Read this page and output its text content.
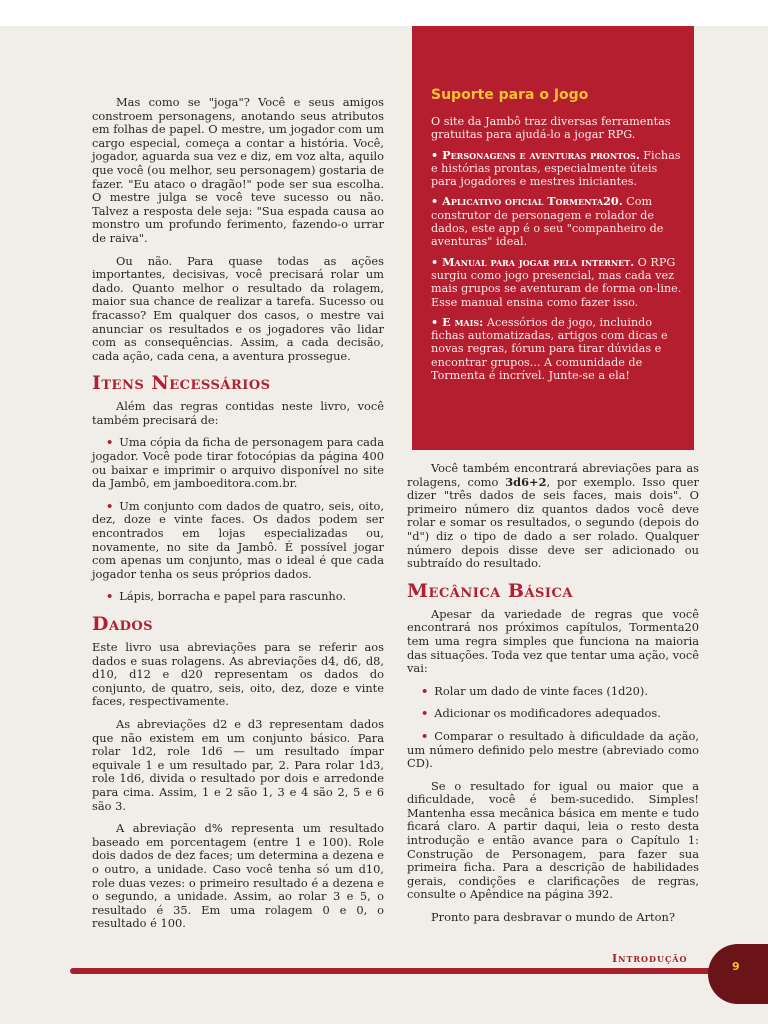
Suporte para o Jogo

O site da Jambô traz diversas ferramentas gratuitas para ajudá-lo a jogar RPG.

• Personagens e aventuras prontos. Fichas e histórias prontas, especialmente úteis para jogadores e mestres iniciantes.

• Aplicativo oficial Tormenta20. Com construtor de personagem e rolador de dados, este app é o seu "companheiro de aventuras" ideal.

• Manual para jogar pela internet. O RPG surgiu como jogo presencial, mas cada vez mais grupos se aventuram de forma on-line. Esse manual ensina como fazer isso.

• E mais: Acessórios de jogo, incluindo fichas automatizadas, artigos com dicas e novas regras, fórum para tirar dúvidas e encontrar grupos... A comunidade de Tormenta é incrível. Junte-se a ela!

Mas como se "joga"? Você e seus amigos constroem personagens, anotando seus atributos em folhas de papel. O mestre, um jogador com um cargo especial, começa a contar a história. Você, jogador, aguarda sua vez e diz, em voz alta, aquilo que você (ou melhor, seu personagem) gostaria de fazer. "Eu ataco o dragão!" pode ser sua escolha. O mestre julga se você teve sucesso ou não. Talvez a resposta dele seja: "Sua espada causa ao monstro um profundo ferimento, fazendo-o urrar de raiva".

Ou não. Para quase todas as ações importantes, decisivas, você precisará rolar um dado. Quanto melhor o resultado da rolagem, maior sua chance de realizar a tarefa. Sucesso ou fracasso? Em qualquer dos casos, o mestre vai anunciar os resultados e os jogadores vão lidar com as consequências. Assim, a cada decisão, cada ação, cada cena, a aventura prossegue.

Itens Necessários

Além das regras contidas neste livro, você também precisará de:

• Uma cópia da ficha de personagem para cada jogador. Você pode tirar fotocópias da página 400 ou baixar e imprimir o arquivo disponível no site da Jambô, em jamboeditora.com.br.

• Um conjunto com dados de quatro, seis, oito, dez, doze e vinte faces. Os dados podem ser encontrados em lojas especializadas ou, novamente, no site da Jambô. É possível jogar com apenas um conjunto, mas o ideal é que cada jogador tenha os seus próprios dados.

• Lápis, borracha e papel para rascunho.

Dados

Este livro usa abreviações para se referir aos dados e suas rolagens. As abreviações d4, d6, d8, d10, d12 e d20 representam os dados do conjunto, de quatro, seis, oito, dez, doze e vinte faces, respectivamente.

As abreviações d2 e d3 representam dados que não existem em um conjunto básico. Para rolar 1d2, role 1d6 — um resultado ímpar equivale 1 e um resultado par, 2. Para rolar 1d3, role 1d6, divida o resultado por dois e arredonde para cima. Assim, 1 e 2 são 1, 3 e 4 são 2, 5 e 6 são 3.

A abreviação d% representa um resultado baseado em porcentagem (entre 1 e 100). Role dois dados de dez faces; um determina a dezena e o outro, a unidade. Caso você tenha só um d10, role duas vezes: o primeiro resultado é a dezena e o segundo, a unidade. Assim, ao rolar 3 e 5, o resultado é 35. Em uma rolagem 0 e 0, o resultado é 100.

Você também encontrará abreviações para as rolagens, como 3d6+2, por exemplo. Isso quer dizer "três dados de seis faces, mais dois". O primeiro número diz quantos dados você deve rolar e somar os resultados, o segundo (depois do "d") diz o tipo de dado a ser rolado. Qualquer número depois disse deve ser adicionado ou subtraído do resultado.

Mecânica Básica

Apesar da variedade de regras que você encontrará nos próximos capítulos, Tormenta20 tem uma regra simples que funciona na maioria das situações. Toda vez que tentar uma ação, você vai:

• Rolar um dado de vinte faces (1d20).

• Adicionar os modificadores adequados.

• Comparar o resultado à dificuldade da ação, um número definido pelo mestre (abreviado como CD).

Se o resultado for igual ou maior que a dificuldade, você é bem-sucedido. Simples! Mantenha essa mecânica básica em mente e tudo ficará claro. A partir daqui, leia o resto desta introdução e então avance para o Capítulo 1: Construção de Personagem, para fazer sua primeira ficha. Para a descrição de habilidades gerais, condições e clarificações de regras, consulte o Apêndice na página 392.

Pronto para desbravar o mundo de Arton?

Introdução
9
